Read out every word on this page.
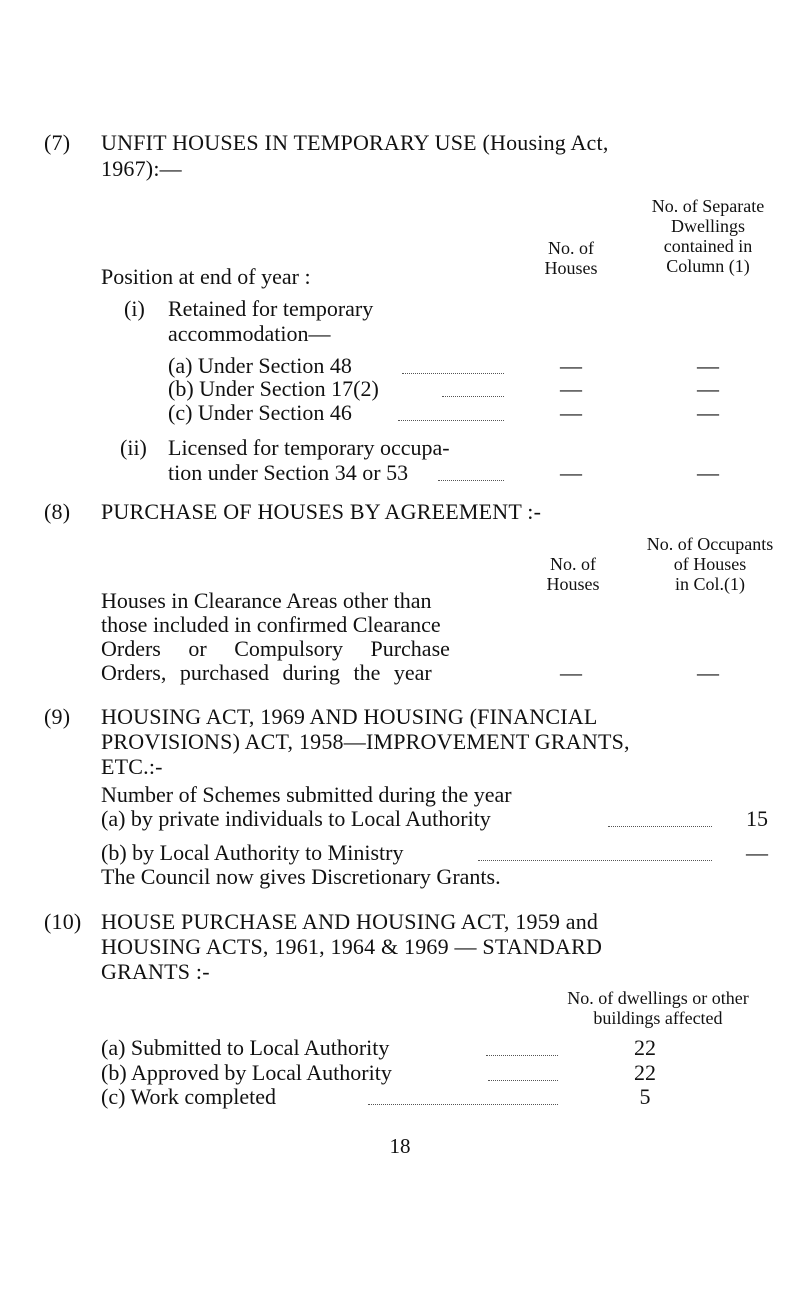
(7) UNFIT HOUSES IN TEMPORARY USE (Housing Act,
1967):—
No. of
Houses
No. of Separate
Dwellings
contained in
Column (1)
Position at end of year :
(i) Retained for temporary
accommodation—
(a) Under Section 48	—	—
(b) Under Section 17(2)	—	—
(c) Under Section 46	—	—
(ii) Licensed for temporary occupa-
tion under Section 34 or 53	—	—
(8) PURCHASE OF HOUSES BY AGREEMENT :-
No. of
Houses
No. of Occupants
of Houses
in Col.(1)
Houses in Clearance Areas other than
those included in confirmed Clearance
Orders or Compulsory Purchase
Orders, purchased during the year	—	—
(9) HOUSING ACT, 1969 AND HOUSING (FINANCIAL
PROVISIONS) ACT, 1958—IMPROVEMENT GRANTS,
ETC.:-
Number of Schemes submitted during the year
(a) by private individuals to Local Authority	15
(b) by Local Authority to Ministry	—
The Council now gives Discretionary Grants.
(10) HOUSE PURCHASE AND HOUSING ACT, 1959 and
HOUSING ACTS, 1961, 1964 & 1969 — STANDARD
GRANTS :-
No. of dwellings or other
buildings affected
(a) Submitted to Local Authority	22
(b) Approved by Local Authority	22
(c) Work completed	5
18
